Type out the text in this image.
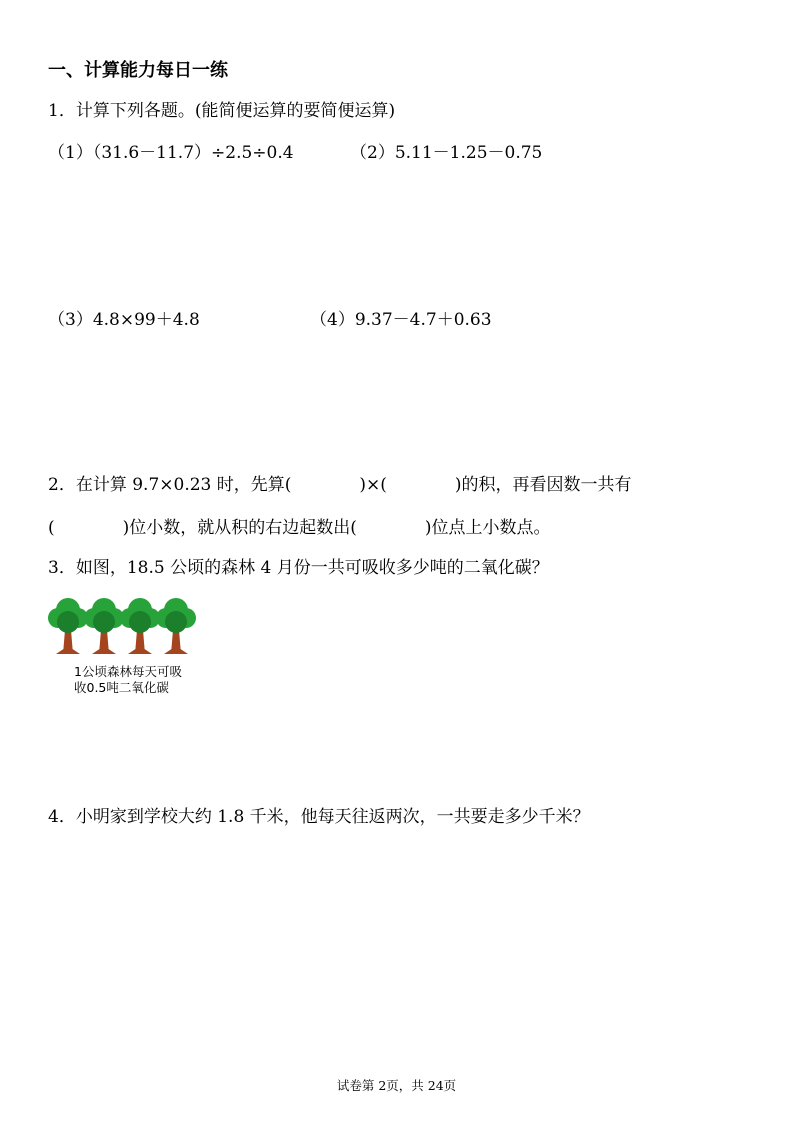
一、计算能力每日一练
1．计算下列各题。(能简便运算的要简便运算)
（1）（31.6－11.7）÷2.5÷0.4	（2）5.11－1.25－0.75
（3）4.8×99＋4.8	（4）9.37－4.7＋0.63
2．在计算 9.7×0.23 时，先算(　　　　)×(　　　　)的积，再看因数一共有
(　　　　)位小数，就从积的右边起数出(　　　　)位点上小数点。
3．如图，18.5 公顷的森林 4 月份一共可吸收多少吨的二氧化碳？
1公顷森林每天可吸
收0.5吨二氧化碳
4．小明家到学校大约 1.8 千米，他每天往返两次，一共要走多少千米？
试卷第 2页，共 24页
